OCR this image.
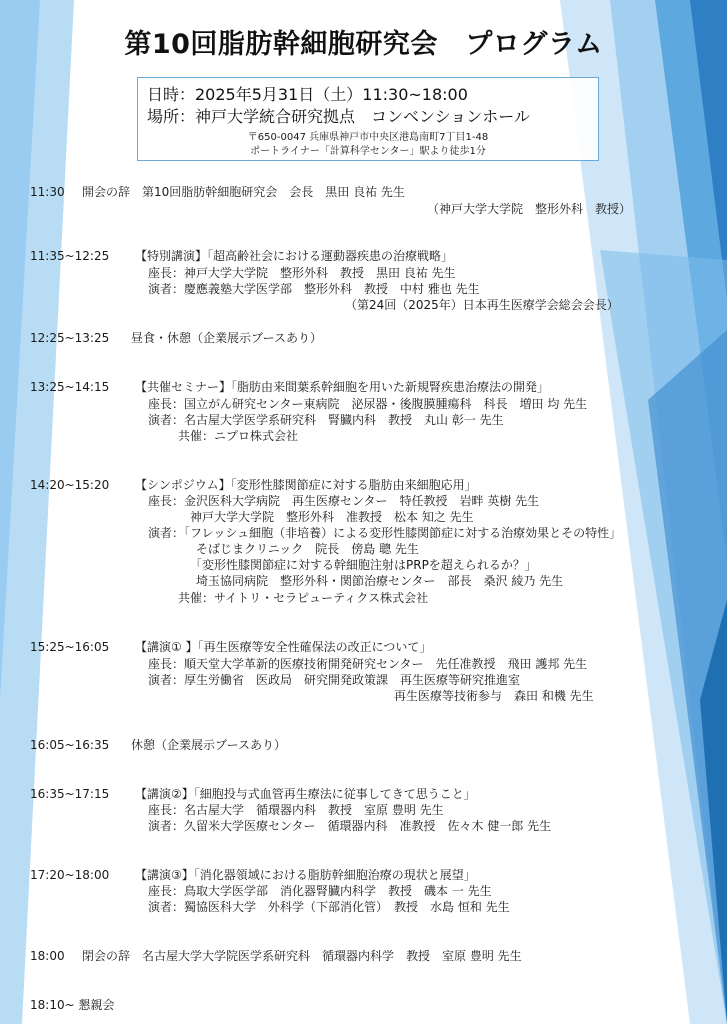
第10回脂肪幹細胞研究会　プログラム
日時：2025年5月31日（土）11:30~18:00
場所：神戸大学統合研究拠点　コンベンションホール
〒650-0047 兵庫県神戸市中央区港島南町7丁目1-48
ポートライナー「計算科学センター」駅より徒歩1分
11:30 開会の辞　第10回脂肪幹細胞研究会　会長　黒田 良祐 先生
（神戸大学大学院　整形外科　教授）
11:35~12:25 【特別講演】「超高齢社会における運動器疾患の治療戦略」
座長：神戸大学大学院　整形外科　教授　黒田 良祐 先生
演者：慶應義塾大学医学部　整形外科　教授　中村 雅也 先生
（第24回（2025年）日本再生医療学会総会会長）
12:25~13:25 昼食・休憩（企業展示ブースあり）
13:25~14:15 【共催セミナー】「脂肪由来間葉系幹細胞を用いた新規腎疾患治療法の開発」
座長：国立がん研究センター東病院　泌尿器・後腹膜腫瘍科　科長　増田 均 先生
演者：名古屋大学医学系研究科　腎臓内科　教授　丸山 彰一 先生
共催：ニプロ株式会社
14:20~15:20 【シンポジウム】「変形性膝関節症に対する脂肪由来細胞応用」
座長：金沢医科大学病院　再生医療センター　特任教授　岩畔 英樹 先生
神戸大学大学院　整形外科　准教授　松本 知之 先生
演者：「フレッシュ細胞（非培養）による変形性膝関節症に対する治療効果とその特性」
そばじまクリニック　院長　傍島 聰 先生
「変形性膝関節症に対する幹細胞注射はPRPを超えられるか？」
埼玉協同病院　整形外科・関節治療センター　部長　桑沢 綾乃 先生
共催：サイトリ・セラピューティクス株式会社
15:25~16:05 【講演① 】「再生医療等安全性確保法の改正について」
座長：順天堂大学革新的医療技術開発研究センター　先任准教授　飛田 護邦 先生
演者：厚生労働省　医政局　研究開発政策課　再生医療等研究推進室
再生医療等技術参与　森田 和機 先生
16:05~16:35 休憩（企業展示ブースあり）
16:35~17:15 【講演②】「細胞投与式血管再生療法に従事してきて思うこと」
座長：名古屋大学　循環器内科　教授　室原 豊明 先生
演者：久留米大学医療センター　循環器内科　准教授　佐々木 健一郎 先生
17:20~18:00 【講演③】「消化器領域における脂肪幹細胞治療の現状と展望」
座長：鳥取大学医学部　消化器腎臓内科学　教授　磯本 一 先生
演者：獨協医科大学　外科学（下部消化管）　教授　水島 恒和 先生
18:00 閉会の辞　名古屋大学大学院医学系研究科　循環器内科学　教授　室原 豊明 先生
18:10~ 懇親会
